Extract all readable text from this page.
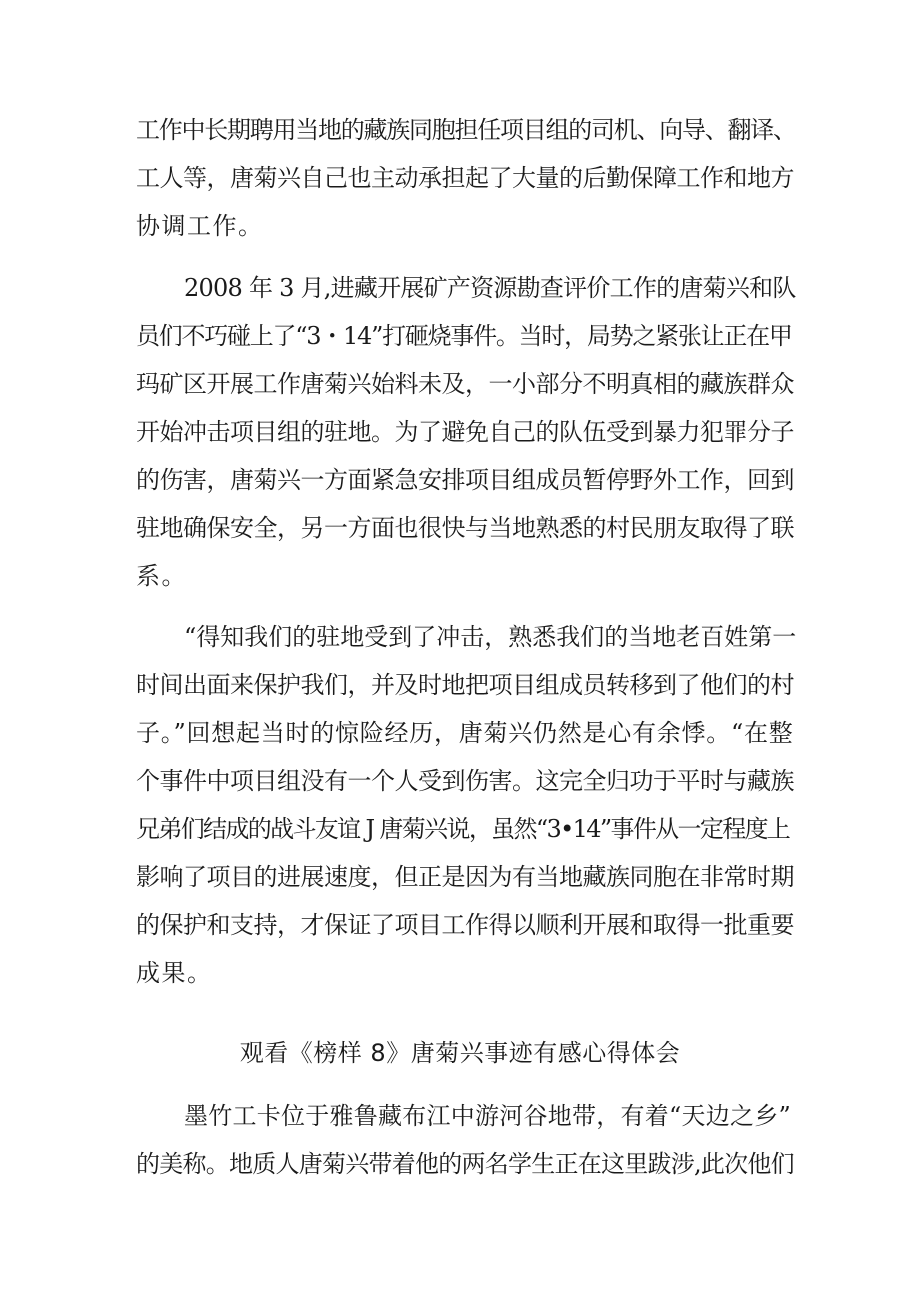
工作中长期聘用当地的藏族同胞担任项目组的司机、向导、翻译、
工人等，唐菊兴自己也主动承担起了大量的后勤保障工作和地方
协调工作。
2008 年 3 月,进藏开展矿产资源勘查评价工作的唐菊兴和队
员们不巧碰上了“3・14”打砸烧事件。当时，局势之紧张让正在甲
玛矿区开展工作唐菊兴始料未及，一小部分不明真相的藏族群众
开始冲击项目组的驻地。为了避免自己的队伍受到暴力犯罪分子
的伤害，唐菊兴一方面紧急安排项目组成员暂停野外工作，回到
驻地确保安全，另一方面也很快与当地熟悉的村民朋友取得了联
系。
“得知我们的驻地受到了冲击，熟悉我们的当地老百姓第一
时间出面来保护我们，并及时地把项目组成员转移到了他们的村
子。”回想起当时的惊险经历，唐菊兴仍然是心有余悸。“在整
个事件中项目组没有一个人受到伤害。这完全归功于平时与藏族
兄弟们结成的战斗友谊 J 唐菊兴说，虽然“3•14”事件从一定程度上
影响了项目的进展速度，但正是因为有当地藏族同胞在非常时期
的保护和支持，才保证了项目工作得以顺利开展和取得一批重要
成果。
观看《榜样 8》唐菊兴事迹有感心得体会
墨竹工卡位于雅鲁藏布江中游河谷地带，有着“天边之乡”
的美称。地质人唐菊兴带着他的两名学生正在这里跋涉,此次他们
